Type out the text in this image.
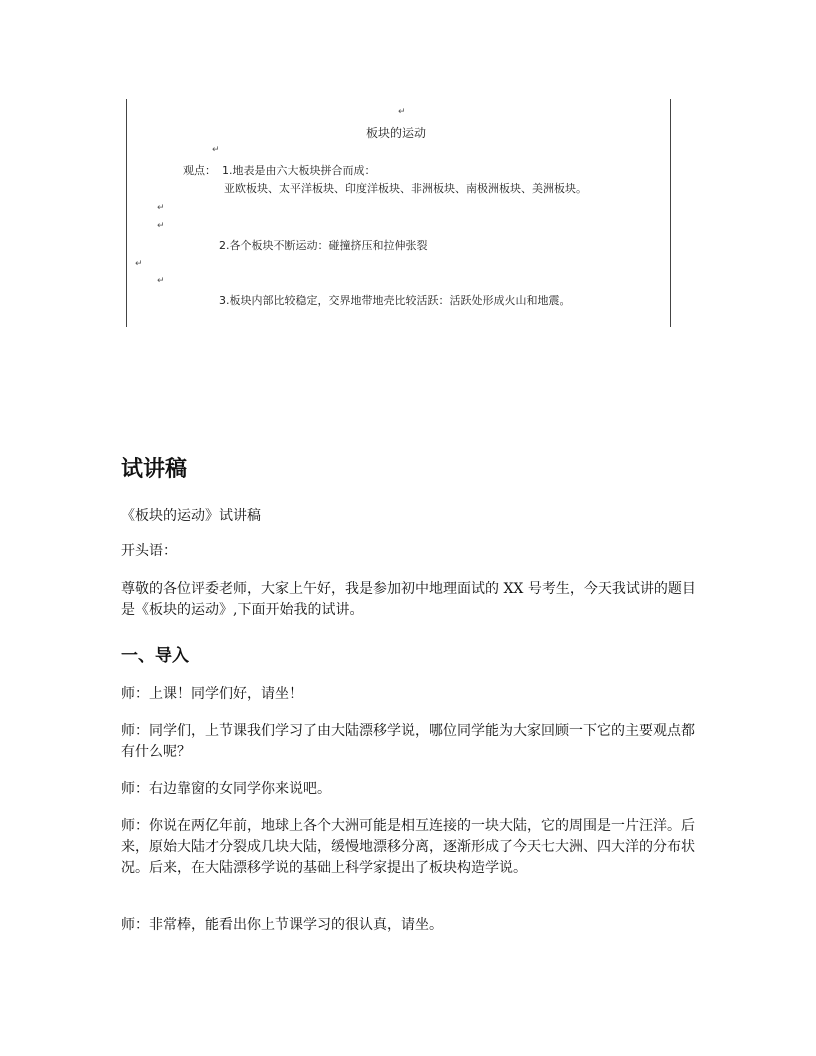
↵
板块的运动
↵
观点： 1.地表是由六大板块拼合而成：
亚欧板块、太平洋板块、印度洋板块、非洲板块、南极洲板块、美洲板块。
↵
↵
2.各个板块不断运动：碰撞挤压和拉伸张裂
↵
↵
3.板块内部比较稳定，交界地带地壳比较活跃：活跃处形成火山和地震。
试讲稿

《板块的运动》试讲稿

开头语：

尊敬的各位评委老师，大家上午好，我是参加初中地理面试的 XX 号考生，今天我试讲的题目是《板块的运动》,下面开始我的试讲。

一、导入

师：上课！同学们好，请坐！

师：同学们，上节课我们学习了由大陆漂移学说，哪位同学能为大家回顾一下它的主要观点都有什么呢？

师：右边靠窗的女同学你来说吧。

师：你说在两亿年前，地球上各个大洲可能是相互连接的一块大陆，它的周围是一片汪洋。后来，原始大陆才分裂成几块大陆，缓慢地漂移分离，逐渐形成了今天七大洲、四大洋的分布状况。后来，在大陆漂移学说的基础上科学家提出了板块构造学说。

师：非常棒，能看出你上节课学习的很认真，请坐。
